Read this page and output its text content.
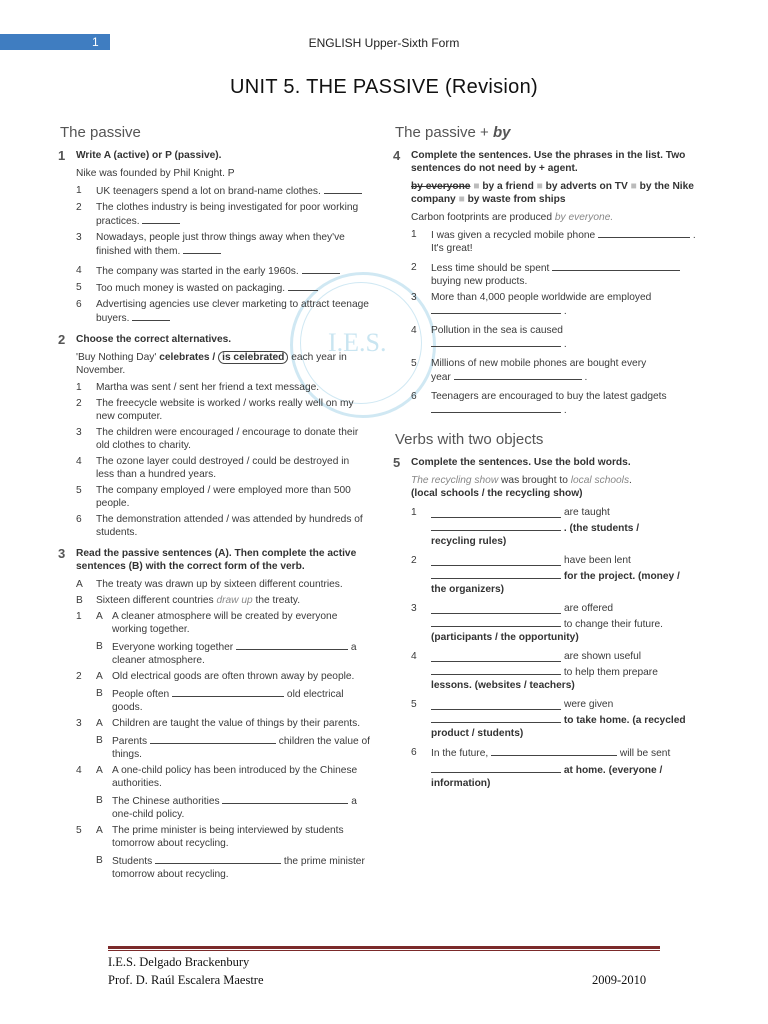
1	ENGLISH Upper-Sixth Form
UNIT 5. THE PASSIVE (Revision)
I.E.S.
The passive
1	Write A (active) or P (passive).
Nike was founded by Phil Knight. P
1	UK teenagers spend a lot on brand-name clothes.
2	The clothes industry is being investigated for poor working practices.
3	Nowadays, people just throw things away when they've finished with them.
4	The company was started in the early 1960s.
5	Too much money is wasted on packaging.
6	Advertising agencies use clever marketing to attract teenage buyers.
2	Choose the correct alternatives.
'Buy Nothing Day' celebrates / is celebrated each year in November.
1	Martha was sent / sent her friend a text message.
2	The freecycle website is worked / works really well on my new computer.
3	The children were encouraged / encourage to donate their old clothes to charity.
4	The ozone layer could destroyed / could be destroyed in less than a hundred years.
5	The company employed / were employed more than 500 people.
6	The demonstration attended / was attended by hundreds of students.
3	Read the passive sentences (A). Then complete the active sentences (B) with the correct form of the verb.
A	The treaty was drawn up by sixteen different countries.
B	Sixteen different countries draw up the treaty.
1	A A cleaner atmosphere will be created by everyone working together.
B Everyone working together	a cleaner atmosphere.
2	A Old electrical goods are often thrown away by people.
B People often	old electrical goods.
3	A Children are taught the value of things by their parents.
B Parents	children the value of things.
4	A A one-child policy has been introduced by the Chinese authorities.
B The Chinese authorities	a one-child policy.
5	A The prime minister is being interviewed by students tomorrow about recycling.
B Students	the prime minister tomorrow about recycling.
The passive + by
4	Complete the sentences. Use the phrases in the list. Two sentences do not need by + agent.
by everyone ■ by a friend ■ by adverts on TV ■ by the Nike company ■ by waste from ships
Carbon footprints are produced by everyone.
1	I was given a recycled mobile phone	.
It's great!
2	Less time should be spent
buying new products.
3	More than 4,000 people worldwide are employed
.
4	Pollution in the sea is caused
.
5	Millions of new mobile phones are bought every
year	.
6	Teenagers are encouraged to buy the latest gadgets
.
Verbs with two objects
5	Complete the sentences. Use the bold words.
The recycling show was brought to local schools.
(local schools / the recycling show)
1	are taught
. (the students /
recycling rules)
2	have been lent
for the project. (money /
the organizers)
3	are offered
to change their future.
(participants / the opportunity)
4	are shown useful
to help them prepare
lessons. (websites / teachers)
5	were given
to take home. (a recycled
product / students)
6	In the future,	will be sent
at home. (everyone /
information)
I.E.S. Delgado Brackenbury
Prof. D. Raúl Escalera Maestre	2009-2010
